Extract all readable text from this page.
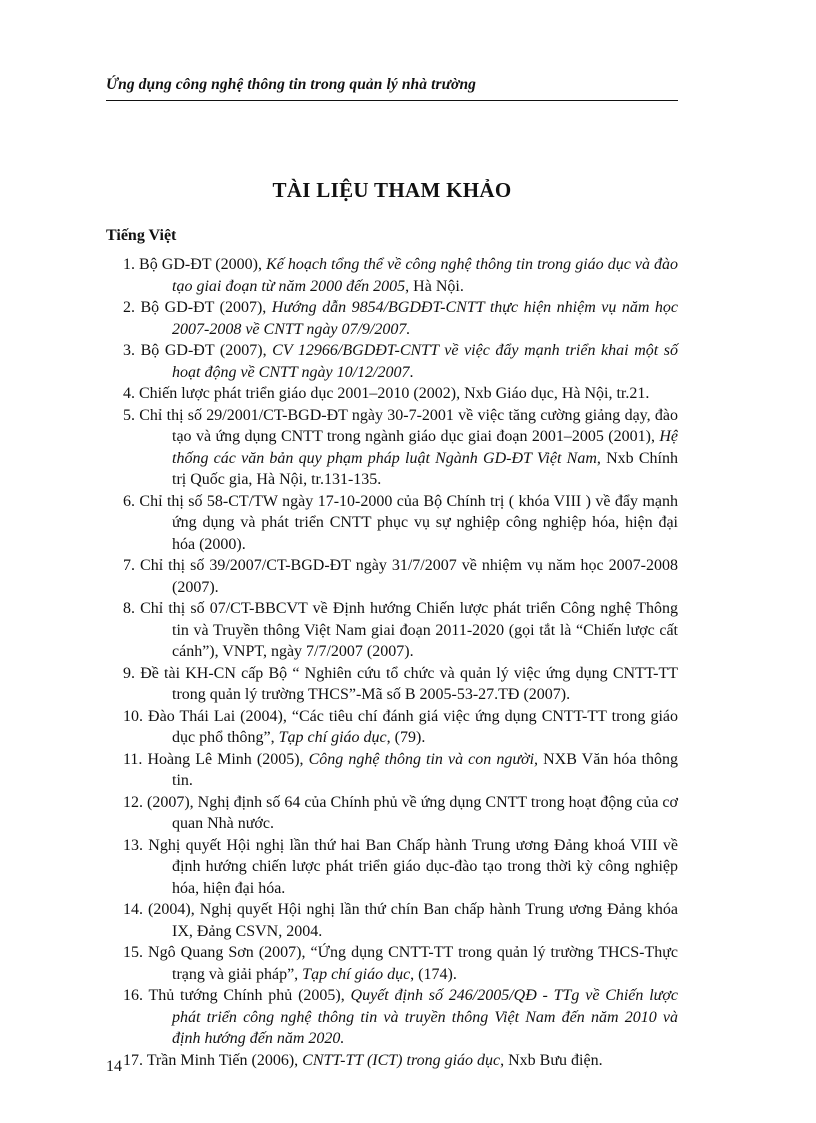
Ứng dụng công nghệ thông tin trong quản lý nhà trường
TÀI LIỆU THAM KHẢO
Tiếng Việt
1. Bộ GD-ĐT (2000), Kế hoạch tổng thể về công nghệ thông tin trong giáo dục và đào tạo giai đoạn từ năm 2000 đến 2005, Hà Nội.
2. Bộ GD-ĐT (2007), Hướng dẫn 9854/BGDĐT-CNTT thực hiện nhiệm vụ năm học 2007-2008 về CNTT ngày 07/9/2007.
3. Bộ GD-ĐT (2007), CV 12966/BGDĐT-CNTT về việc đẩy mạnh triển khai một số hoạt động về CNTT ngày 10/12/2007.
4. Chiến lược phát triển giáo dục 2001–2010 (2002), Nxb Giáo dục, Hà Nội, tr.21.
5. Chỉ thị số 29/2001/CT-BGD-ĐT ngày 30-7-2001 về việc tăng cường giảng dạy, đào tạo và ứng dụng CNTT trong ngành giáo dục giai đoạn 2001–2005 (2001), Hệ thống các văn bản quy phạm pháp luật Ngành GD-ĐT Việt Nam, Nxb Chính trị Quốc gia, Hà Nội, tr.131-135.
6. Chỉ thị số 58-CT/TW ngày 17-10-2000 của Bộ Chính trị ( khóa VIII ) về đẩy mạnh ứng dụng và phát triển CNTT phục vụ sự nghiệp công nghiệp hóa, hiện đại hóa (2000).
7. Chỉ thị số 39/2007/CT-BGD-ĐT ngày 31/7/2007 về nhiệm vụ năm học 2007-2008 (2007).
8. Chỉ thị số 07/CT-BBCVT về Định hướng Chiến lược phát triển Công nghệ Thông tin và Truyền thông Việt Nam giai đoạn 2011-2020 (gọi tắt là “Chiến lược cất cánh”), VNPT, ngày 7/7/2007 (2007).
9. Đề tài KH-CN cấp Bộ “ Nghiên cứu tổ chức và quản lý việc ứng dụng CNTT-TT trong quản lý trường THCS”-Mã số B 2005-53-27.TĐ (2007).
10. Đào Thái Lai (2004), “Các tiêu chí đánh giá việc ứng dụng CNTT-TT trong giáo dục phổ thông”, Tạp chí giáo dục, (79).
11. Hoàng Lê Minh (2005), Công nghệ thông tin và con người, NXB Văn hóa thông tin.
12. (2007), Nghị định số 64 của Chính phủ về ứng dụng CNTT trong hoạt động của cơ quan Nhà nước.
13. Nghị quyết Hội nghị lần thứ hai Ban Chấp hành Trung ương Đảng khoá VIII về định hướng chiến lược phát triển giáo dục-đào tạo trong thời kỳ công nghiệp hóa, hiện đại hóa.
14. (2004), Nghị quyết Hội nghị lần thứ chín Ban chấp hành Trung ương Đảng khóa IX, Đảng CSVN, 2004.
15. Ngô Quang Sơn (2007), “Ứng dụng CNTT-TT trong quản lý trường THCS-Thực trạng và giải pháp”, Tạp chí giáo dục, (174).
16. Thủ tướng Chính phủ (2005), Quyết định số 246/2005/QĐ - TTg về Chiến lược phát triển công nghệ thông tin và truyền thông Việt Nam đến năm 2010 và định hướng đến năm 2020.
17. Trần Minh Tiến (2006), CNTT-TT (ICT) trong giáo dục, Nxb Bưu điện.
14
